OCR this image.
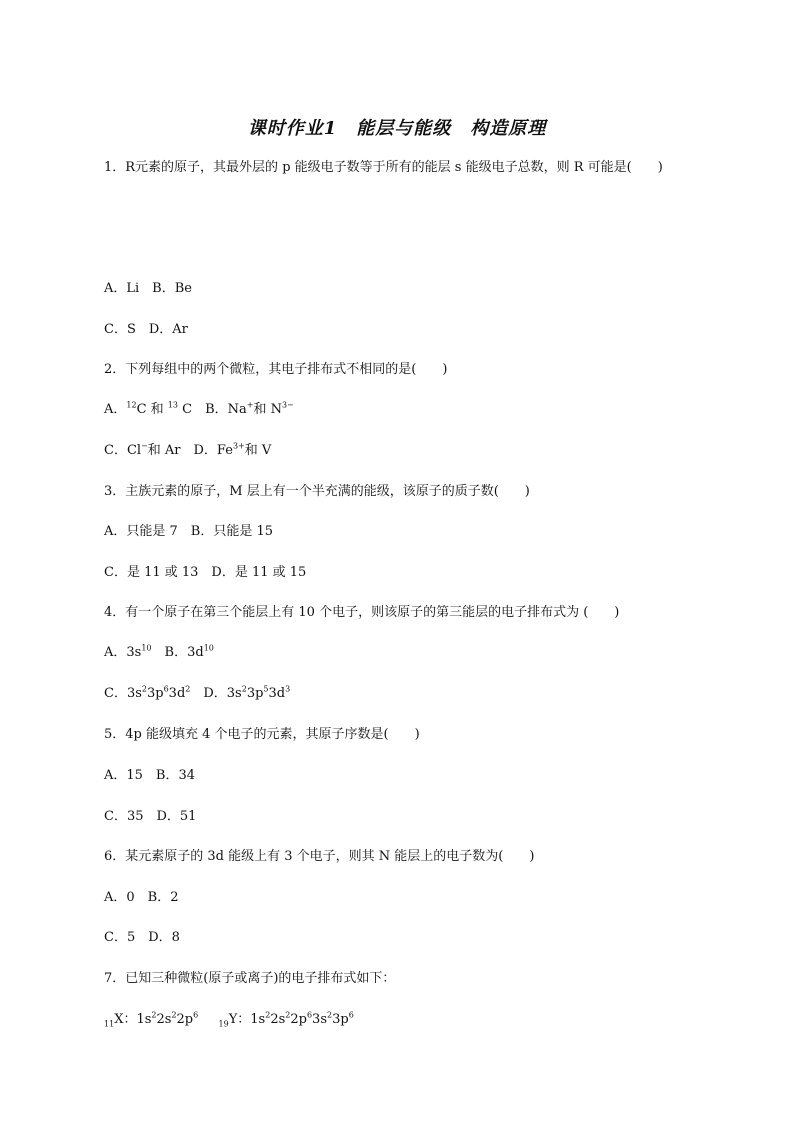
课时作业1　能层与能级　构造原理
1．R元素的原子，其最外层的 p 能级电子数等于所有的能层 s 能级电子总数，则 R 可能是(　　)
A．Li　B．Be
C．S　D．Ar
2．下列每组中的两个微粒，其电子排布式不相同的是(　　)
A．$^{12}$C 和 $^{13}$ C　B．Na+和 $N^{3-}$
C．Cl−和 Ar　D．$Fe^{3+}$和 V
3．主族元素的原子，M 层上有一个半充满的能级，该原子的质子数(　　)
A．只能是 7　B．只能是 15
C．是 11 或 13　D．是 11 或 15
4．有一个原子在第三个能层上有 10 个电子，则该原子的第三能层的电子排布式为 (　　)
A．$3s^{10}$　B．$3d^{10}$
C．$3s^23p^63d^2$　D．$3s^23p^53d^3$
5．4p 能级填充 4 个电子的元素，其原子序数是(　　)
A．15　B．34
C．35　D．51
6．某元素原子的 3d 能级上有 3 个电子，则其 N 能层上的电子数为(　　)
A．0　B．2
C．5　D．8
7．已知三种微粒(原子或离子)的电子排布式如下：
$_{11}$X：$1s^22s^22p^6$  $_{19}$Y：$1s^22s^22p^63s^23p^6$
